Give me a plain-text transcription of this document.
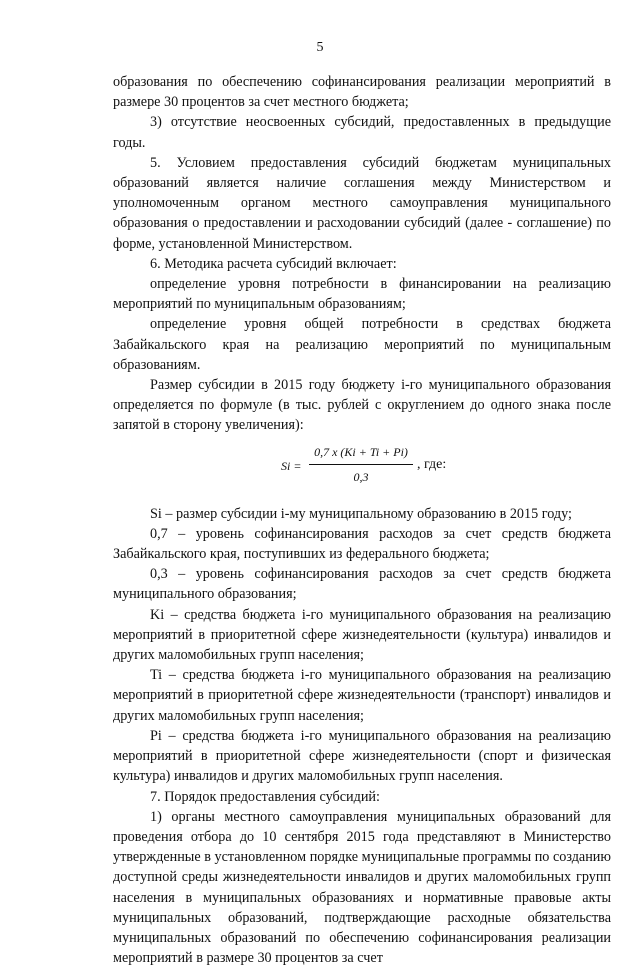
5

образования по обеспечению софинансирования реализации мероприятий в размере 30 процентов за счет местного бюджета;

3) отсутствие неосвоенных субсидий, предоставленных в предыдущие годы.

5. Условием предоставления субсидий бюджетам муниципальных образований является наличие соглашения между Министерством и уполномоченным органом местного самоуправления муниципального образования о предоставлении и расходовании субсидий (далее - соглашение) по форме, установленной Министерством.

6. Методика расчета субсидий включает:

определение уровня потребности в финансировании на реализацию мероприятий по муниципальным образованиям;

определение уровня общей потребности в средствах бюджета Забайкальского края на реализацию мероприятий по муниципальным образованиям.

Размер субсидии в 2015 году бюджету i-го муниципального образования определяется по формуле (в тыс. рублей с округлением до одного знака после запятой в сторону увеличения):

$Si = \frac{0,7 x (Ki + Ti + Pi)}{0,3}$ , где:

Si – размер субсидии i-му муниципальному образованию в 2015 году;

0,7 – уровень софинансирования расходов за счет средств бюджета Забайкальского края, поступивших из федерального бюджета;

0,3 – уровень софинансирования расходов за счет средств бюджета муниципального образования;

Ki – средства бюджета i-го муниципального образования на реализацию мероприятий в приоритетной сфере жизнедеятельности (культура) инвалидов и других маломобильных групп населения;

Ti – средства бюджета i-го муниципального образования на реализацию мероприятий в приоритетной сфере жизнедеятельности (транспорт) инвалидов и других маломобильных групп населения;

Pi – средства бюджета i-го муниципального образования на реализацию мероприятий в приоритетной сфере жизнедеятельности (спорт и физическая культура) инвалидов и других маломобильных групп населения.

7. Порядок предоставления субсидий:

1) органы местного самоуправления муниципальных образований для проведения отбора до 10 сентября 2015 года представляют в Министерство утвержденные в установленном порядке муниципальные программы по созданию доступной среды жизнедеятельности инвалидов и других маломобильных групп населения в муниципальных образованиях и нормативные правовые акты муниципальных образований, подтверждающие расходные обязательства муниципальных образований по обеспечению софинансирования реализации мероприятий в размере 30 процентов за счет
